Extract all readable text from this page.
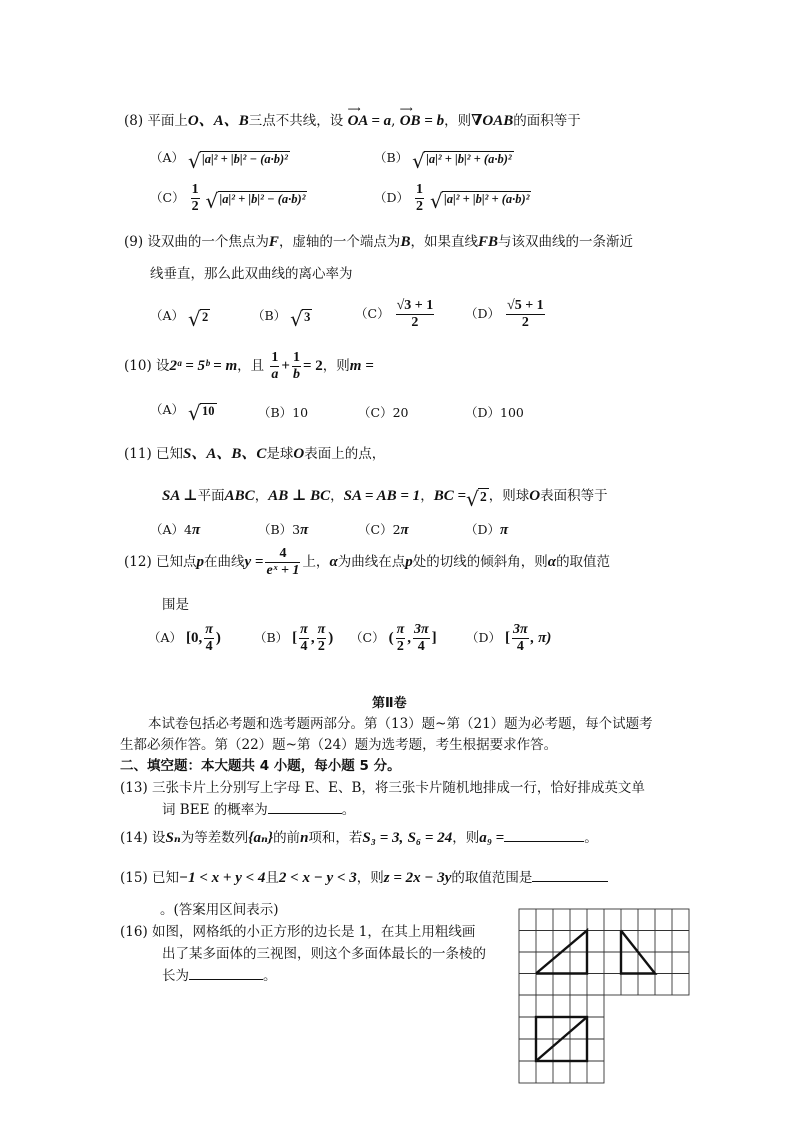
(8) 平面上O、A、B三点不共线，设
⟶
OA = a,
⟶
OB = b，则∇OAB的面积等于
（A） √ |a|² + |b|² − (a·b)²	（B） √ |a|² + |b|² + (a·b)²
$(C) \frac{1}{2}$
√ |a|² + |b|² − (a·b)²	$(D) \frac{1}{2}$
√ |a|² + |b|² + (a·b)²
(9) 设双曲的一个焦点为F，虚轴的一个端点为B，如果直线FB与该双曲线的一条渐近
线垂直，那么此双曲线的离心率为
（A） √ 2	（B） √ 3	$(C) \frac{√3 + 1}{2} (D) \frac{√5 + 1}{2}$
(10) 设2ᵃ = 5ᵇ = m，且 $\frac{1}{a} + \frac{1}{b} = 2$，则m =
（A） √ 10	（B）10	（C）20	（D）100
(11) 已知S、A、B、C是球O表面上的点，
SA ⊥平面ABC，AB ⊥ BC，SA = AB = 1，BC = √ 2 ，则球O表面积等于
（A）4π	（B）3π	（C）2π	（D）π
(12) 已知点p在曲线$y = \frac{4}{\text{eˣ + 1}}$ 上，α为曲线在点p处的切线的倾斜角，则α的取值范
围是
（A） [0, $\frac{\pi}{4}$ )	（B） [ $\frac{\pi}{4}$ , $\frac{\pi}{2}$ ) （C） ( $\frac{\pi}{2}$ , $\frac{3\pi}{4}$ ] （D） [ $\frac{3\pi}{4}$ , π)
第Ⅱ卷
本试卷包括必考题和选考题两部分。第（13）题~第（21）题为必考题，每个试题考
生都必须作答。第（22）题~第（24）题为选考题，考生根据要求作答。
二、填空题：本大题共 4 小题，每小题 5 分。
(13) 三张卡片上分别写上字母 E、E、B，将三张卡片随机地排成一行，恰好排成英文单
词 BEE 的概率为	。
(14) 设Sₙ为等差数列{aₙ}的前n项和，若S₃ = 3, S₆ = 24，则a₉ =	。
(15) 已知−1 < x + y < 4且2 < x − y < 3，则z = 2x − 3y的取值范围是
。(答案用区间表示)
(16) 如图，网格纸的小正方形的边长是 1，在其上用粗线画
出了某多面体的三视图，则这个多面体最长的一条棱的
长为	。
